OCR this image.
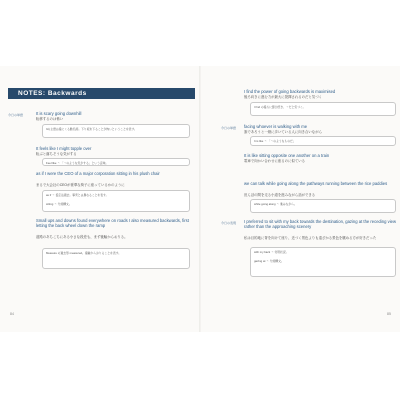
NOTES: Backwards
今日の単語	It is scary going downhill
転移するのは怖い
Itの主語は後にくる動名詞。下り坂を下ることが怖いということを表す。
It feels like I might topple over
転ぶと落ちそうな気がする
Feel like ～ 「～のような気がする」という意味。
as if I were the CEO of a major corporation sitting in his plush chair
まるで大会社のCEOが豪華な椅子に座っているかのように
as if ～ 仮定法過去。事実とは異なることを表す。
sitting ～ 分詞構文。
Small ups and downs found everywhere on roads I also measured backwards, first letting the back wheel down the ramp
道路のあちこちにある小さな段差も、まず後輪からおりる。
Measure の過去形 measured。後輪からおりることを表す。
84
I find the power of going backwards is maximised
後ろ向きに進む力が最大に発揮されるのだと気づく
I find の後ろに節が続き、～だと気づく。
今日の単語 facing whoever is walking with me
誰であろうと一緒に歩いている人に向き合いながら
It is like ～ 「～のようなものだ」
It is like sitting opposite one another on a train
電車で向かい合わせに座るのに似ている
we can talk while going along the pathways running between the rice paddies
田んぼの間を走る小道を進みながら話ができる
while going along ～ 進みながら。
今日の表現 I preferred to sit with my back towards the destination, gazing at the receding view rather than the approaching scenery
私は目的地に背を向けて座り、近づく景色よりも遠ざかる景色を眺める方が好きだった
with my back ～ 付帯状況。
gazing at ～ 分詞構文。
85
